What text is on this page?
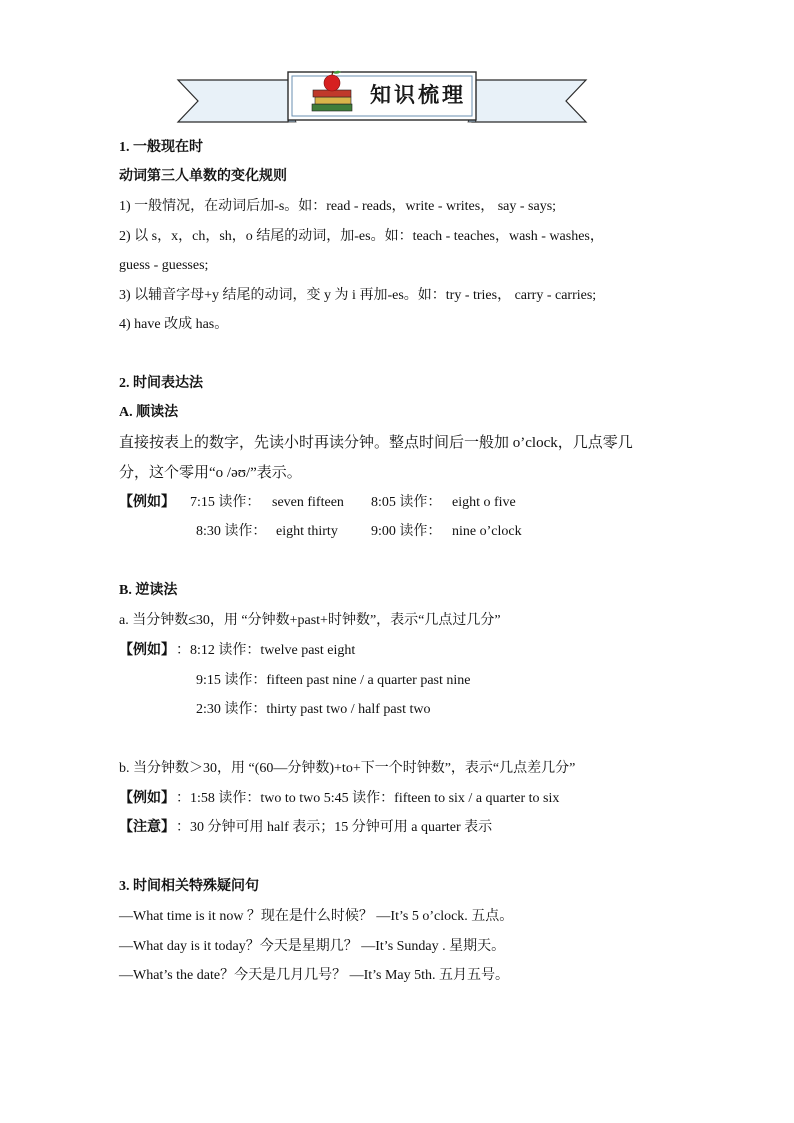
知识梳理
1. 一般现在时
动词第三人单数的变化规则
1) 一般情况，在动词后加-s。如：read - reads，write - writes， say - says;
2) 以 s，x，ch，sh，o 结尾的动词，加-es。如：teach - teaches，wash - washes，
guess - guesses;
3) 以辅音字母+y 结尾的动词，变 y 为 i 再加-es。如：try - tries， carry - carries;
4) have 改成 has。
2. 时间表达法
A. 顺读法
直接按表上的数字，先读小时再读分钟。整点时间后一般加 o’clock，几点零几
分，这个零用“o /əʊ/”表示。
【例如】 7:15 读作： seven fifteen 8:05 读作： eight o five
8:30 读作： eight thirty 9:00 读作： nine o’clock
B. 逆读法
a. 当分钟数≤30，用 “分钟数+past+时钟数”，表示“几点过几分”
【例如】 ：8:12 读作：twelve past eight
9:15 读作：fifteen past nine / a quarter past nine
2:30 读作：thirty past two / half past two
b. 当分钟数＞30，用 “(60—分钟数)+to+下一个时钟数”，表示“几点差几分”
【例如】 ：1:58 读作：two to two 5:45 读作：fifteen to six / a quarter to six
【注意】 ：30 分钟可用 half 表示；15 分钟可用 a quarter 表示
3. 时间相关特殊疑问句
—What time is it now ？现在是什么时候？ —It’s 5 o’clock. 五点。
—What day is it today？今天是星期几？ —It’s Sunday . 星期天。
—What’s the date？今天是几月几号？ —It’s May 5th. 五月五号。
